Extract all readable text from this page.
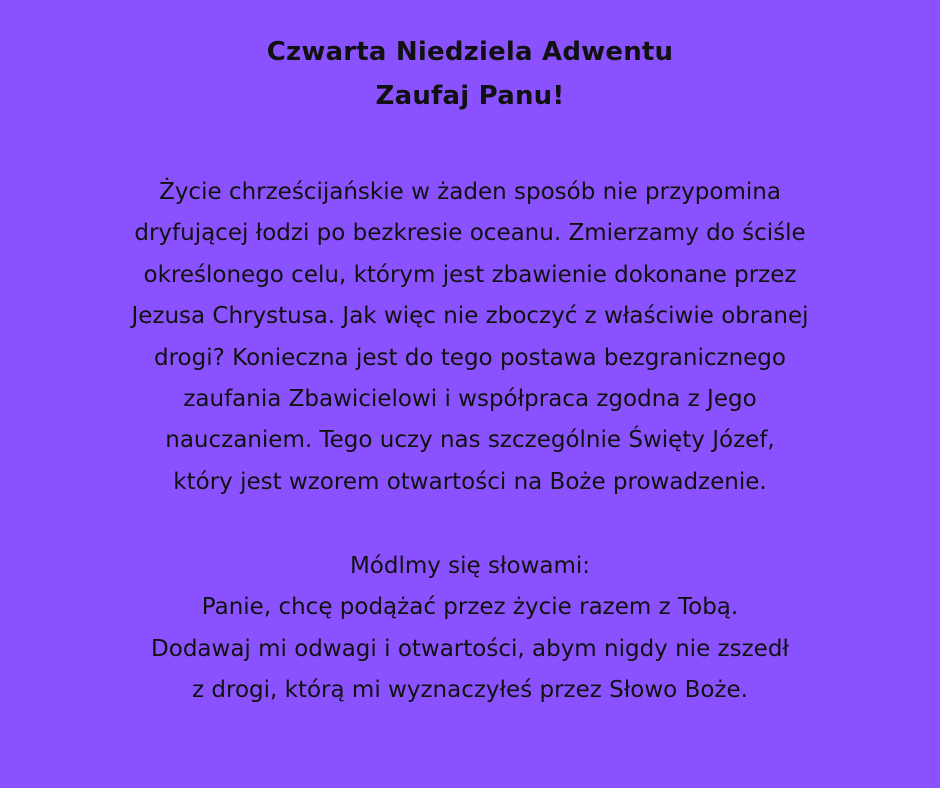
Czwarta Niedziela Adwentu
Zaufaj Panu!
Życie chrześcijańskie w żaden sposób nie przypomina
dryfującej łodzi po bezkresie oceanu. Zmierzamy do ściśle
określonego celu, którym jest zbawienie dokonane przez
Jezusa Chrystusa. Jak więc nie zboczyć z właściwie obranej
drogi? Konieczna jest do tego postawa bezgranicznego
zaufania Zbawicielowi i współpraca zgodna z Jego
nauczaniem. Tego uczy nas szczególnie Święty Józef,
który jest wzorem otwartości na Boże prowadzenie.
Módlmy się słowami:
Panie, chcę podążać przez życie razem z Tobą.
Dodawaj mi odwagi i otwartości, abym nigdy nie zszedł
z drogi, którą mi wyznaczyłeś przez Słowo Boże.
